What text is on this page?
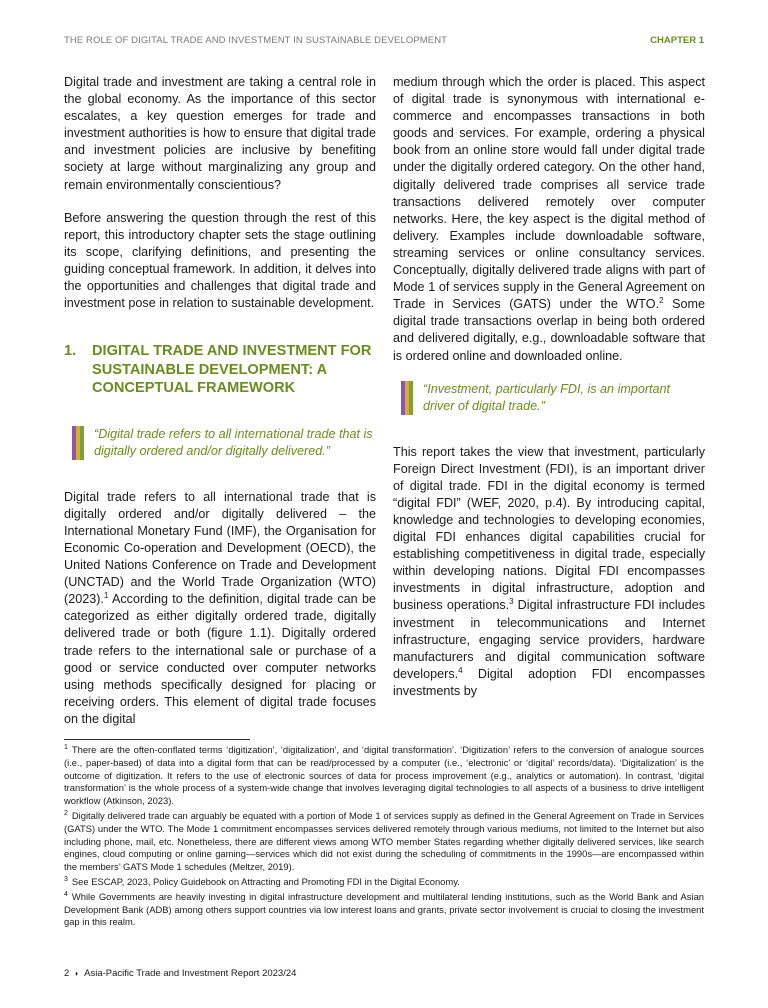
THE ROLE OF DIGITAL TRADE AND INVESTMENT IN SUSTAINABLE DEVELOPMENT	CHAPTER 1

Digital trade and investment are taking a central role in the global economy. As the importance of this sector escalates, a key question emerges for trade and investment authorities is how to ensure that digital trade and investment policies are inclusive by benefiting society at large without marginalizing any group and remain environmentally conscientious?

Before answering the question through the rest of this report, this introductory chapter sets the stage outlining its scope, clarifying definitions, and presenting the guiding conceptual framework. In addition, it delves into the opportunities and challenges that digital trade and investment pose in relation to sustainable development.

1.	DIGITAL TRADE AND INVESTMENT FOR SUSTAINABLE DEVELOPMENT: A CONCEPTUAL FRAMEWORK
“Digital trade refers to all international trade that is digitally ordered and/or digitally delivered.”

Digital trade refers to all international trade that is digitally ordered and/or digitally delivered – the International Monetary Fund (IMF), the Organisation for Economic Co-operation and Development (OECD), the United Nations Conference on Trade and Development (UNCTAD) and the World Trade Organization (WTO) (2023).$^1$ According to the definition, digital trade can be categorized as either digitally ordered trade, digitally delivered trade or both (figure 1.1). Digitally ordered trade refers to the international sale or purchase of a good or service conducted over computer networks using methods specifically designed for placing or receiving orders. This element of digital trade focuses on the digital

medium through which the order is placed. This aspect of digital trade is synonymous with international e-commerce and encompasses transactions in both goods and services. For example, ordering a physical book from an online store would fall under digital trade under the digitally ordered category. On the other hand, digitally delivered trade comprises all service trade transactions delivered remotely over computer networks. Here, the key aspect is the digital method of delivery. Examples include downloadable software, streaming services or online consultancy services. Conceptually, digitally delivered trade aligns with part of Mode 1 of services supply in the General Agreement on Trade in Services (GATS) under the WTO.$^2$ Some digital trade transactions overlap in being both ordered and delivered digitally, e.g., downloadable software that is ordered online and downloaded online.

“Investment, particularly FDI, is an important driver of digital trade.”

This report takes the view that investment, particularly Foreign Direct Investment (FDI), is an important driver of digital trade. FDI in the digital economy is termed “digital FDI” (WEF, 2020, p.4). By introducing capital, knowledge and technologies to developing economies, digital FDI enhances digital capabilities crucial for establishing competitiveness in digital trade, especially within developing nations. Digital FDI encompasses investments in digital infrastructure, adoption and business operations.$^3$ Digital infrastructure FDI includes investment in telecommunications and Internet infrastructure, engaging service providers, hardware manufacturers and digital communication software developers.$^4$ Digital adoption FDI encompasses investments by

$^1$ There are the often-conflated terms ‘digitization’, ‘digitalization’, and ‘digital transformation’. ‘Digitization’ refers to the conversion of analogue sources (i.e., paper-based) of data into a digital form that can be read/processed by a computer (i.e., ‘electronic’ or ‘digital’ records/data). ‘Digitalization’ is the outcome of digitization. It refers to the use of electronic sources of data for process improvement (e.g., analytics or automation). In contrast, ‘digital transformation’ is the whole process of a system-wide change that involves leveraging digital technologies to all aspects of a business to drive intelligent workflow (Atkinson, 2023).
$^2$ Digitally delivered trade can arguably be equated with a portion of Mode 1 of services supply as defined in the General Agreement on Trade in Services (GATS) under the WTO. The Mode 1 commitment encompasses services delivered remotely through various mediums, not limited to the Internet but also including phone, mail, etc. Nonetheless, there are different views among WTO member States regarding whether digitally delivered services, like search engines, cloud computing or online gaming—services which did not exist during the scheduling of commitments in the 1990s—are encompassed within the members’ GATS Mode 1 schedules (Meltzer, 2019).
$^3$ See ESCAP, 2023, Policy Guidebook on Attracting and Promoting FDI in the Digital Economy.
$^4$ While Governments are heavily investing in digital infrastructure development and multilateral lending institutions, such as the World Bank and Asian Development Bank (ADB) among others support countries via low interest loans and grants, private sector involvement is crucial to closing the investment gap in this realm.
2 ◗ Asia-Pacific Trade and Investment Report 2023/24
